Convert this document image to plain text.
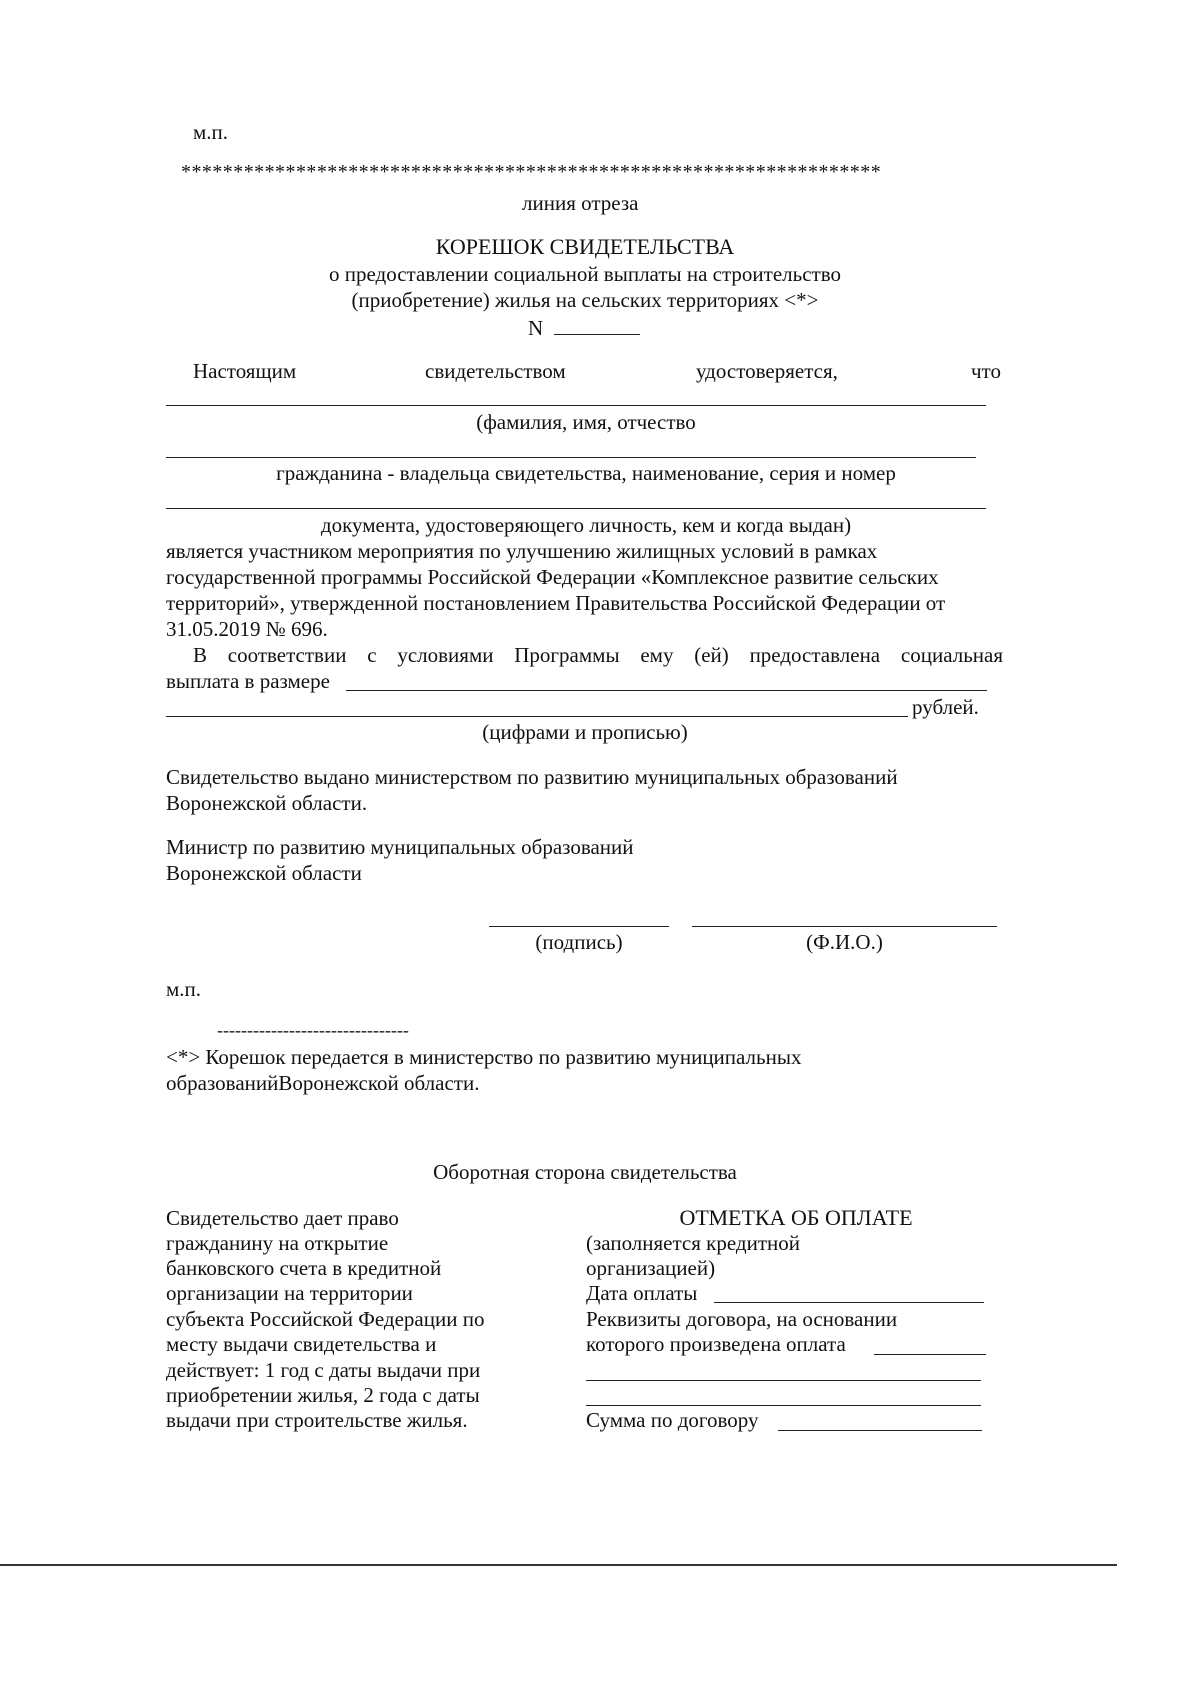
м.п.
*******************************************************************
линия отреза
КОРЕШОК СВИДЕТЕЛЬСТВА
о предоставлении социальной выплаты на строительство
(приобретение) жилья на сельских территориях <*>
N
Настоящим	свидетельством	удостоверяется,	что
(фамилия, имя, отчество
гражданина - владельца свидетельства, наименование, серия и номер
документа, удостоверяющего личность, кем и когда выдан)
является участником мероприятия по улучшению жилищных условий в рамках
государственной программы Российской Федерации «Комплексное развитие сельских
территорий», утвержденной постановлением Правительства Российской Федерации от
31.05.2019 № 696.
В соответствии с условиями Программы ему (ей) предоставлена социальная
выплата в размере
рублей.
(цифрами и прописью)
Свидетельство выдано министерством по развитию муниципальных образований
Воронежской области.
Министр по развитию муниципальных образований
Воронежской области
(подпись)	(Ф.И.О.)
м.п.
--------------------------------
<*> Корешок передается в министерство по развитию муниципальных
образованийВоронежской области.
Оборотная сторона свидетельства
Свидетельство дает право
гражданину на открытие
банковского счета в кредитной
организации на территории
субъекта Российской Федерации по
месту выдачи свидетельства и
действует: 1 год с даты выдачи при
приобретении жилья, 2 года с даты
выдачи при строительстве жилья.
ОТМЕТКА ОБ ОПЛАТЕ
(заполняется кредитной
организацией)
Дата оплаты
Реквизиты договора, на основании
которого произведена оплата
Сумма по договору
